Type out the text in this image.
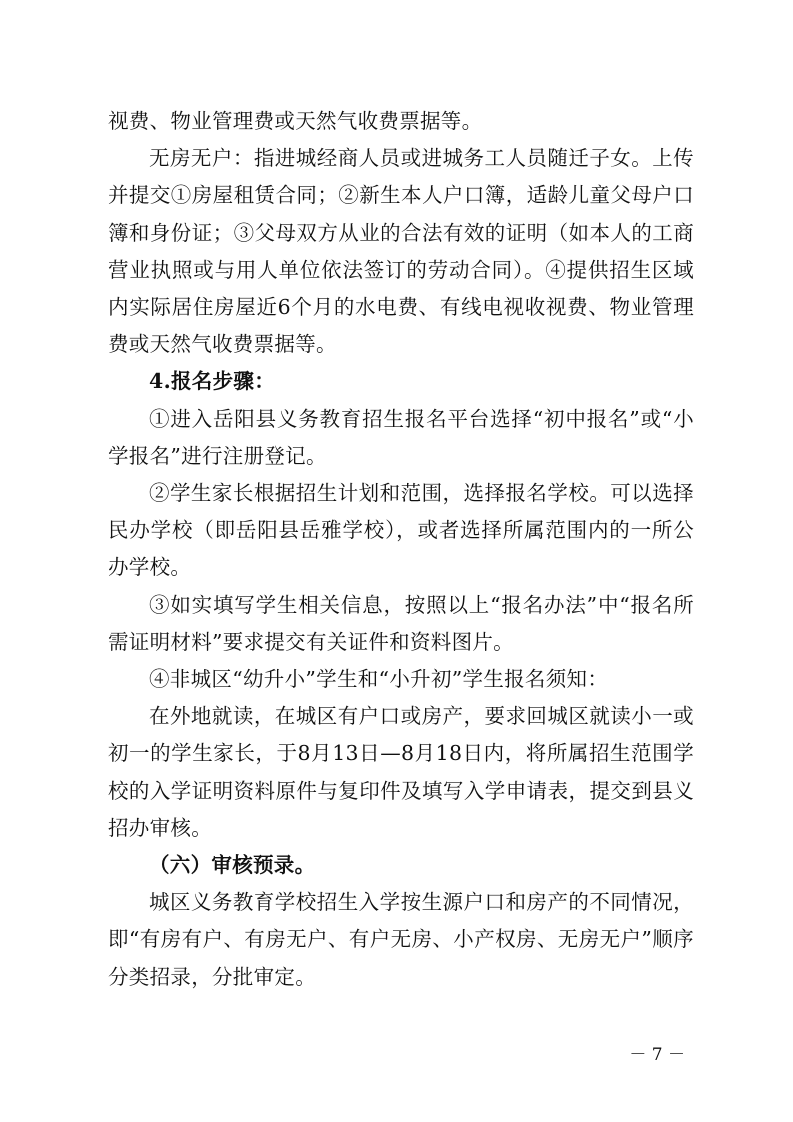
视费、物业管理费或天然气收费票据等。

无房无户：指进城经商人员或进城务工人员随迁子女。上传并提交①房屋租赁合同；②新生本人户口簿，适龄儿童父母户口簿和身份证；③父母双方从业的合法有效的证明（如本人的工商营业执照或与用人单位依法签订的劳动合同）。④提供招生区域内实际居住房屋近6个月的水电费、有线电视收视费、物业管理费或天然气收费票据等。

4.报名步骤：

①进入岳阳县义务教育招生报名平台选择“初中报名”或“小学报名”进行注册登记。

②学生家长根据招生计划和范围，选择报名学校。可以选择民办学校（即岳阳县岳雅学校），或者选择所属范围内的一所公办学校。

③如实填写学生相关信息，按照以上“报名办法”中“报名所需证明材料”要求提交有关证件和资料图片。

④非城区“幼升小”学生和“小升初”学生报名须知：

在外地就读，在城区有户口或房产，要求回城区就读小一或初一的学生家长，于8月13日—8月18日内，将所属招生范围学校的入学证明资料原件与复印件及填写入学申请表，提交到县义招办审核。

（六）审核预录。

城区义务教育学校招生入学按生源户口和房产的不同情况，即“有房有户、有房无户、有户无房、小产权房、无房无户”顺序分类招录，分批审定。

－ 7 －
